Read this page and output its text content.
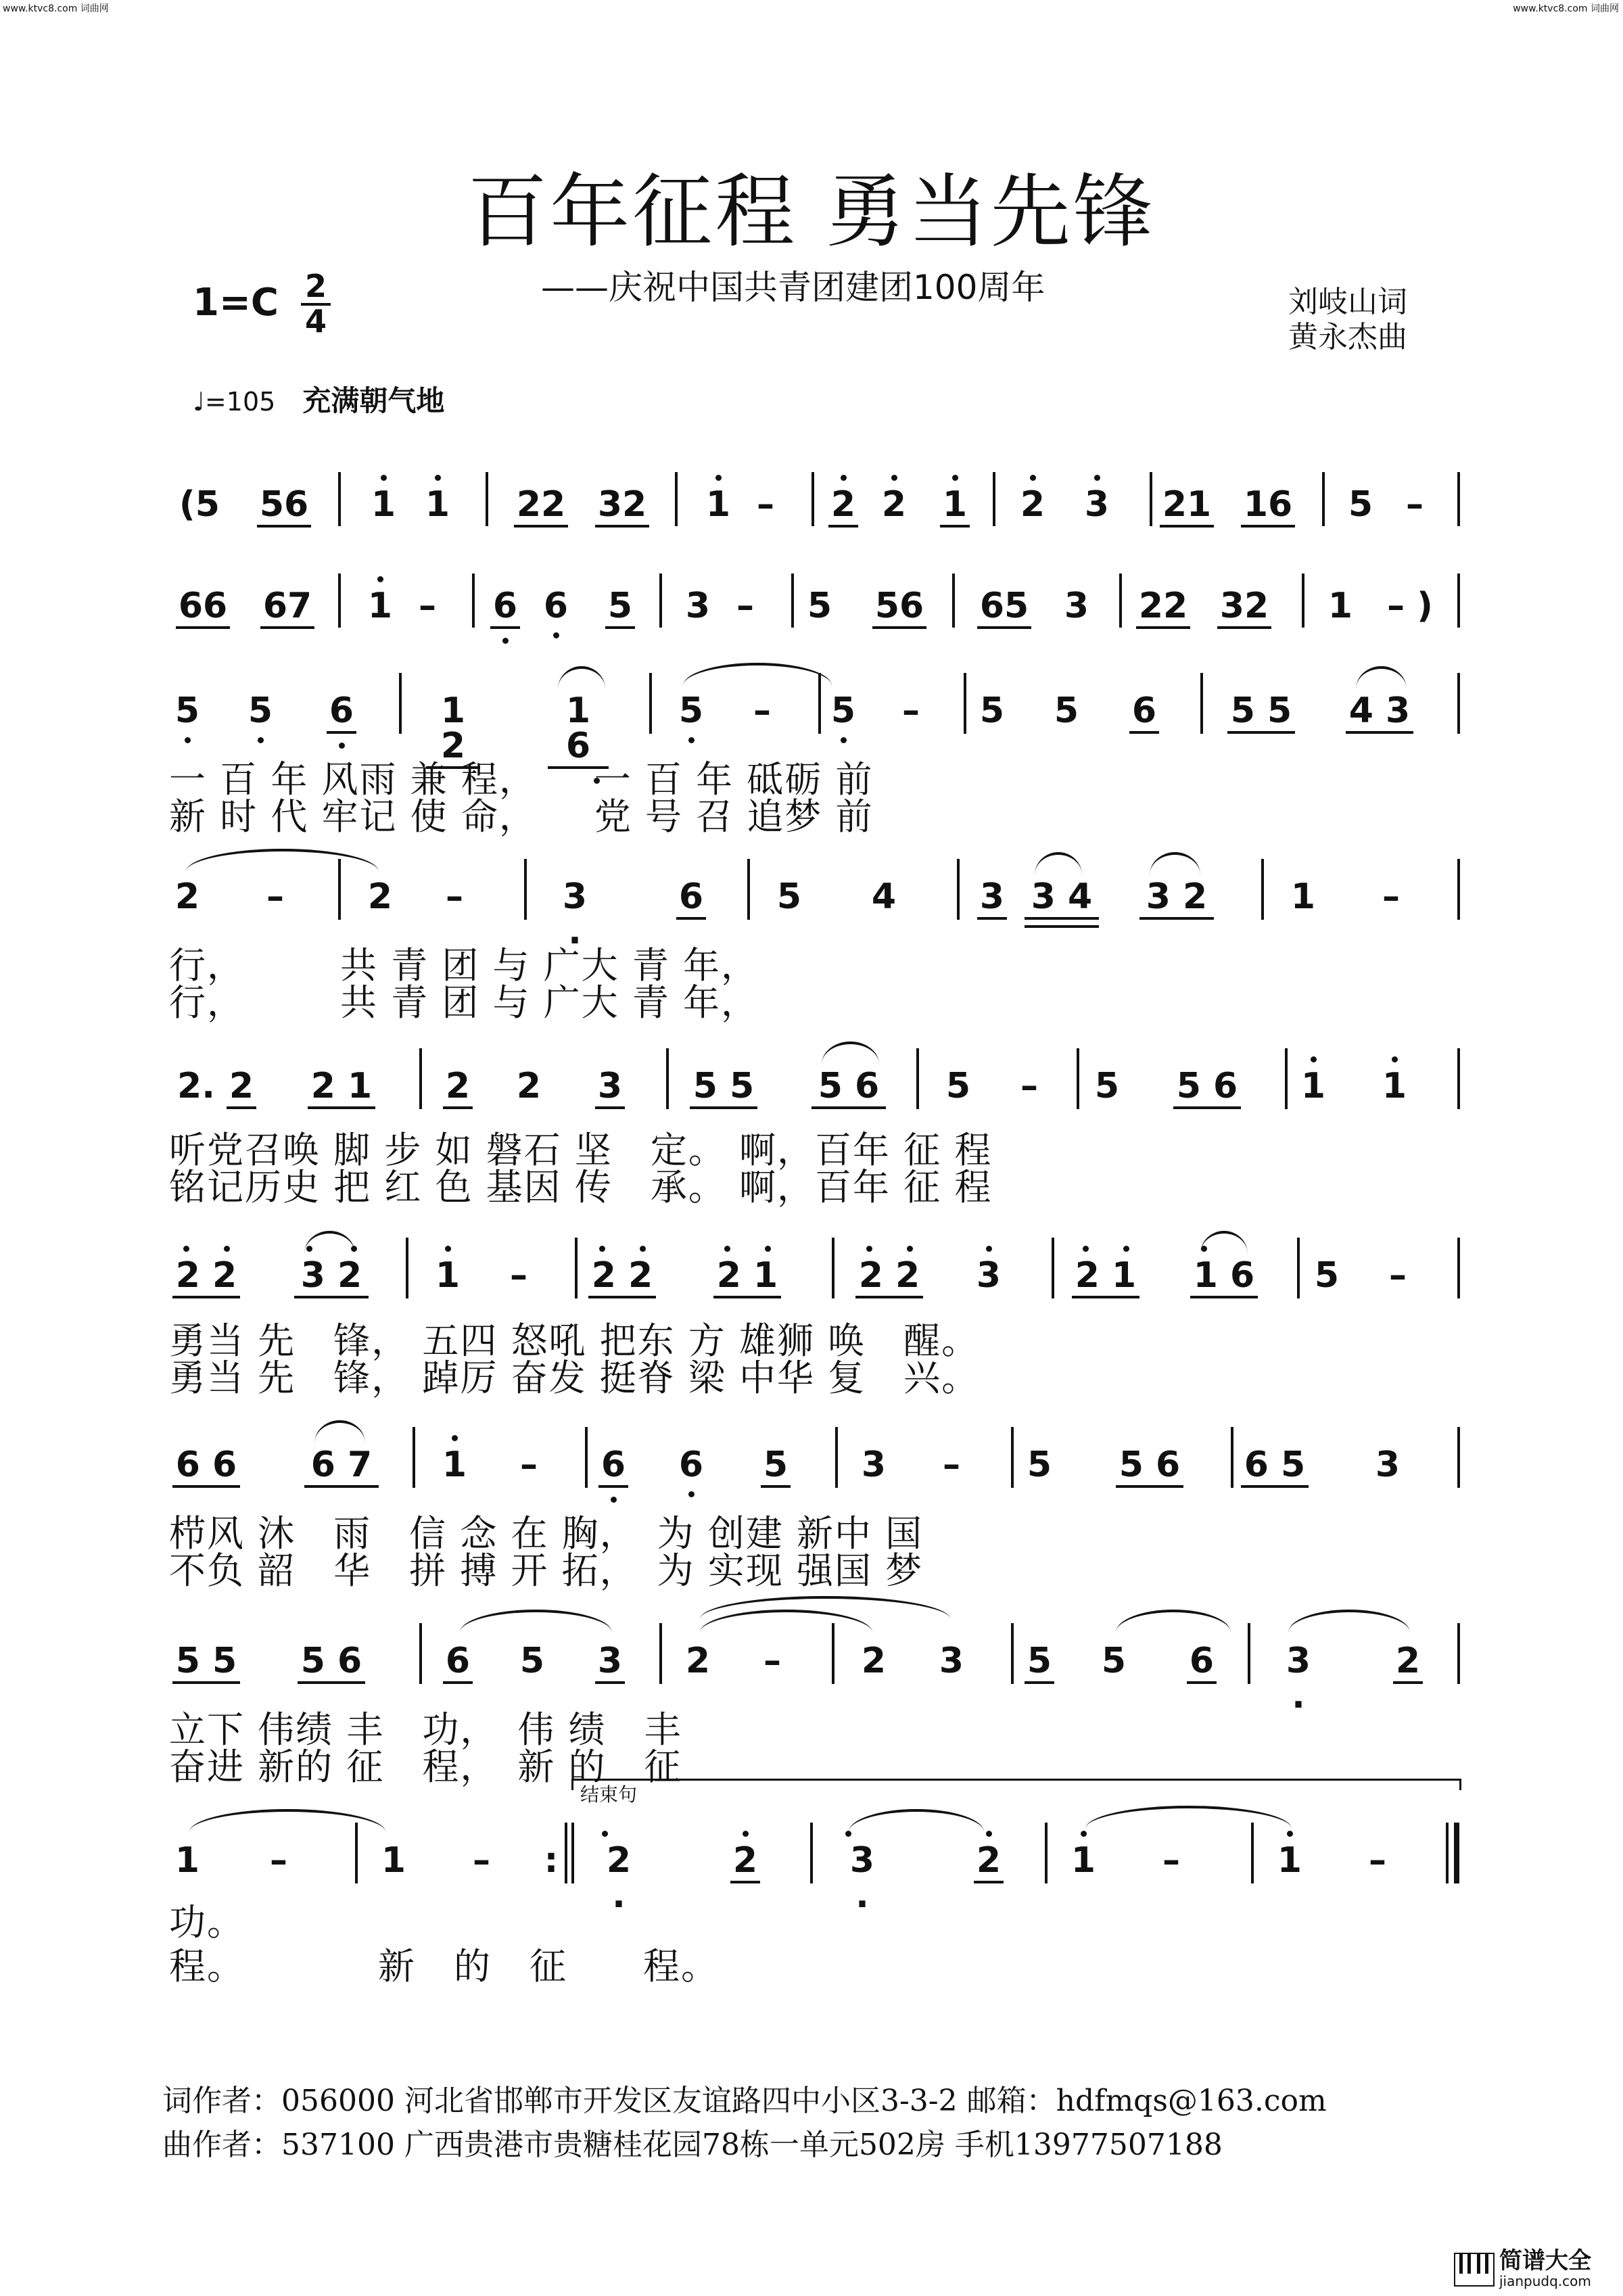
www.ktvc8.com 词曲网	www.ktvc8.com 词曲网
百年征程 勇当先锋
——庆祝中国共青团建团100周年
1=C 2
4
刘岐山词
黄永杰曲
♩=105 充满朝气地
(5 56 1 1 22 32 1 – 2 2 1 2 3 21 16 5 –
66 67 1 – 6 6 5 3 – 5 56 65 3 22 32 1 – )
5 5 6	1 2
1 6
5 – 5 – 5 5 6 5 5 4 3
一 百 年 风雨 兼 程，　　一 百 年 砥砺 前
新 时 代 牢记 使 命，　　党 号 召 追梦 前
2 – 2 –	3 .
6 5 4 3 3 4 3 2 1 –
行，　　　共 青 团 与 广大 青 年，
行，　　　共 青 团 与 广大 青 年，
2. 2 2 1 2 2 3 5 5 5 6 5 – 5 5 6 1 1
听党召唤 脚 步 如 磐石 坚　定。 啊，百年 征 程
铭记历史 把 红 色 基因 传　承。 啊，百年 征 程
2 2 3 2 1 – 2 2 2 1 2 2 3 2 1 1 6 5 –
勇当 先　锋， 五四 怒吼 把东 方 雄狮 唤　醒。
勇当 先　锋， 踔厉 奋发 挺脊 梁 中华 复　兴。
6 6 6 7 1 – 6 6 5 3 – 5 5 6 6 5 3
栉风 沐　雨　信 念 在 胸，　为 创建 新中 国
不负 韶　华　拼 搏 开 拓，　为 实现 强国 梦
5 5 5 6 6 5 3 2 – 2 3 5 5 6	3 .
2
立下 伟绩 丰　功，　伟 绩　丰
奋进 新的 征　程，　新 的　征
结束句
1 –	1 – :	2 .
2	3 .
2 1 –	1 –
功。
程。　　　　新　的　征　　程。
词作者：056000 河北省邯郸市开发区友谊路四中小区3-3-2 邮箱：hdfmqs@163.com
曲作者：537100 广西贵港市贵糖桂花园78栋一单元502房 手机13977507188
简谱大全
jianpudq.com
